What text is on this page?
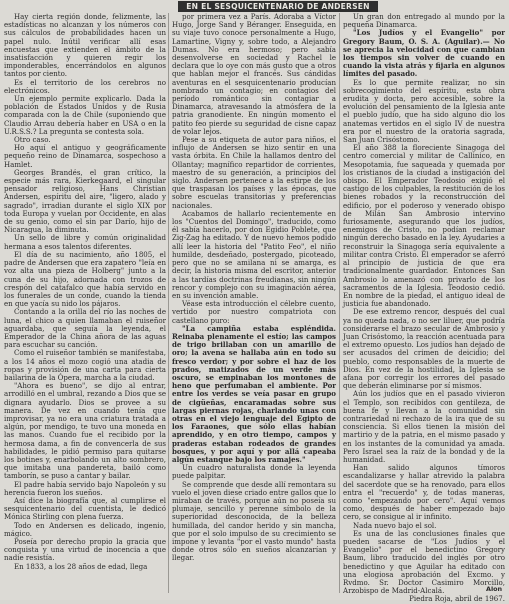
EN EL SESQUICENTENARIO DE ANDERSEN

Hay cierta región donde, felizmente, las estadísticas no alcanzan y los números con sus cálculos de probabilidades hacen un papel nulo. Inútil verificar allí esas encuestas que extienden el ámbito de la insatisfacción y quieren regir los imponderables, encerrándolos en algunos tantos por ciento.

Es el territorio de los cerebros no electrónicos.

Un ejemplo permite explicarlo. Dada la población de Estados Unidos y de Rusia comparada con la de Chile (suponiendo que Claudio Arrau debería haber en USA o en la U.R.S.S.? La pregunta se contesta sola.

Otro caso.

Ho aquí el antiguo y geográficamente pequeño reino de Dinamarca, sospechoso a Hamlet.

Georges Brandés, el gran crítico, la especie más rara, Kierkegaard, el singular pensador religioso, Hans Christian Andersen, espíritu del aire, "ligero, alado y sagrado", irradian durante el siglo XIX por toda Europa y vuelan por Occidente, en alas de su genio, como el sin par Darío, hijo de Nicaragua, la diminuta.

Un sello de libre y común originalidad hermana a esos talentos diferentes.

El día de su nacimiento, año 1805, el padre de Andersen que era zapatero "leía en voz alta una pieza de Holberg" junto a la cuna de su hijo, adornada con trozos de crespón del catafalco que había servido en los funerales de un conde, cuando la tienda en que yacía su nido los pájaros.

Contando a la orilla del río las noches de luna, el chico a quien llamaban el ruiseñor aguardaba, que seguía la leyenda, el Emperador de la China añora de las aguas para escuchar su canción.

Como el ruiseñor también se manifestaba, a los 14 años el mozo cogió una atadia de ropas y provisión de una carta para cierta bailarina de la Ópera, marcha a la ciudad.

"Ahora es bueno", se dijo al entrar, arrodilló en el umbral, rezando a Dios que se dignara ayudarlo. Dios se provee a su manera. De vez en cuando tenía que improvisar, ya no era una criatura tratada a algún, por mendigo, te tuvo una moneda en las manos. Cuando fue el recibido por la hermosa dama, a fin de convencerla de sus habilidades, le pidió permiso para quitarse los botines y, enarbolando un alto sombrero, que imitaba una pandereta, bailó como tamborín, se puso a cantar y bailar.

El padre había servido bajo Napoleón y su herencia fueron los sueños.

Así dice la biografía que, al cumplirse el sesquicentenario del cuentista, le dedicó Mónica Stirling con plena fuerza.

Todo en Andersen es delicado, ingenio, mágico.

Poseía por derecho propio la gracia que conquista y una virtud de inocencia a que nadie resistía.

En 1833, a los 28 años de edad, llega

por primera vez a París. Adoraba a Víctor Hugo, Jorge Sand y Béranger. Enseguida, en su viaje tuvo conoce personalmente a Hugo, Lamartine, Vigny y, sobre todo, a Alejandro Dumas. No era hermoso; pero sabía desenvolverse en sociedad y Rachel le declara que lo oye con más gusto que a otros que hablan mejor el francés. Sus cándidas aventuras en el sesquicentenario producían nombrado un contagio; en contagios del período romántico sin contagiar a Dinamarca, atravesando la atmósfera de la patria granodiente. En ningún momento el patito feo pierde su seguridad de cisne capaz de volar lejos.

Pese a su etiqueta de autor para niños, el influjo de Andersen se hizo sentir en una vasta órbita. En Chile la hallamos dentro del Ollantay; magnífico repartidor de corrientes, maestro de su generación, a principios del siglo. Andersen pertenece a la estirpe de los que traspasan los países y las épocas, que sobre escuelas transitorias y preferencias nacionales.

Acabamos de hallarlo recientemente en los "Cuentos del Domingo", traducido, como él sabía hacerlo, por don Egidio Poblete, que Zig-Zag ha editado. Y de nuevo hemos podido allí leer la historia del "Patito Feo", el niño humilde, desdeñado, postergado, picoteado, pero que no se amilana ni se amarga, es decir, la historia misma del escritor, anterior a las tardías doctrinas freudianas, sin ningún rencor y complejo con su imaginación aérea, en su invención amable.

Véase esta introducción el célebre cuento, vertido por nuestro compatriota con castellano puro:

"La campiña estaba espléndida. Reinaba plenamente el estío; las campos de trigo brillaban con un amarillo de oro; la avena se hallaba aún en todo su fresco verdor; y por sobre el haz de los prados, matizados de un verde más oscuro, se empinaban los montones de heno que perfumaban el ambiente. Por entre los verdes se veía pasar en grupo de cigüeñas, encaramadas sobre sus largas piernas rojas, charlando unas con otras en el viejo lenguaje del Egipto de los Faraones, que sólo ellas habían aprendido, y en otro tiempo, campos y praderas estaban rodeados de grandes bosques, y por aquí y por allá capeaba algún estanque bajo los ramajes."

Un cuadro naturalista donde la leyenda puede palpitar.

Se comprende que desde allí remontara su vuelo el joven diese criado entre gallos que lo miraban de través, porque aún no poseía su plumaje, sencillo y perenne símbolo de la superioridad desconocida, de la belleza humillada, del candor herido y sin mancha, que por el solo impulso de su crecimiento se impone y levanta "por el vasto mundo" hasta donde otros sólo en sueños alcanzarían y llegar.

Un gran don entregado al mundo por la pequeña Dinamarca.

"Los Judíos y el Evangelio" por Gregory Baum, O. S. A. (Aguilar).— No se aprecia la velocidad con que cambian los tiempos sin volver de cuando en cuando la vista atrás y fijarla en algunos límites del pasado.

Es lo que permite realizar, no sin sobrecogimiento del espíritu, esta obra erudita y docta, pero accesible, sobre la evolución del pensamiento de la Iglesia ante el pueblo judío, que ha sido alguno dio los anatemas vertidos en el siglo IV de nuestra era por el nuestro de la oratoria sagrada, San Juan Crisóstomo.

El año 388 la floreciente Sinagoga del centro comercial y militar de Callinico, en Mesopotamia, fue saqueada y quemada por los cristianos de la ciudad a instigación del obispo. El Emperador Teodosio exigió el castigo de los culpables, la restitución de los bienes robados y la reconstrucción del edificio, por el poderoso y venerado obispo de Milán San Ambrosio intervino furiosamente, asegurando que los judíos, enemigos de Cristo, no podían reclamar ningún derecho basado en la ley. Ayudaries a reconstruir la Sinagoga sería equivalente a militar contra Cristo. El emperador se aferró al principio de justicia de que era tradicionalmente guardador. Entonces San Ambrosio lo amenazó con privarlo de los sacramentos de la Iglesia. Teodosio cedió. En nombre de la piedad, el antiguo ideal de justicia fue abandonado.

De ese extremo rencor, después del cual ya no queda nada, o no ser liluer, que podría considerarse el brazo secular de Ambrosio y Juan Crisóstomo, la reacción acentuada para el extremo opuesto. Los judíos han dejado de ser acusados del crimen de deicidio; del pueblo, como responsables de la muerte de Dios. En vez de la hostilidad, la Iglesia se afana por corregir los errores del pasado que deberán eliminarse por sí mismos.

Aún los judíos que en el pasado vivieron el Templo, son recibidos con gentileza, de buena fe y llevan a la comunidad sin contrariedad ni rechazo de la ira que de su consciencia. Si ellos tienen la misión del martirio y de la patria, en el mismo pasado y en los instantes de la comunidad ya amada. Pero Israel sea la raíz de la bondad y de la humanidad.

Han salido algunos tímoros escandalizarse y hallar atrevido la palabra del sacerdote que se ha renovado, para ellos entra el "recuerdo" y, de todas maneras, como "empezando por cero". Aquí vemos como, después de haber empezado bajo cero, se consigue al ir infinito.

Nada nuevo bajo el sol.

Es una de las conclusiones finales que pueden sacarse de "Los Judíos y el Evangelio" por el benedictino Gregory Baum, libro traducido del inglés por otro benedictino y que Aguilar ha editado con una elogiosa aprobación del Excmo. y Rvdmo. Sr. Doctor Casimiro Morcillo, Arzobispo de Madrid-Alcalá.

Piedra Roja, abril de 1967.

Alon
